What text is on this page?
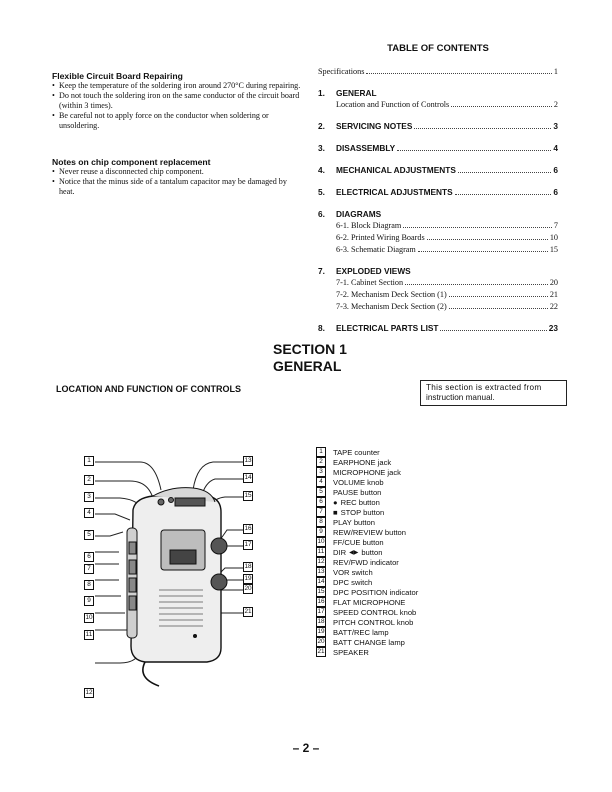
Flexible Circuit Board Repairing

• Keep the temperature of the soldering iron around 270°C during repairing.
• Do not touch the soldering iron on the same conductor of the circuit board (within 3 times).
• Be careful not to apply force on the conductor when soldering or unsoldering.

Notes on chip component replacement

• Never reuse a disconnected chip component.
• Notice that the minus side of a tantalum capacitor may be damaged by heat.
TABLE OF CONTENTS
Specifications	1
1. GENERAL
Location and Function of Controls	2
2.	SERVICING NOTES	3
3.	DISASSEMBLY	4
4.	MECHANICAL ADJUSTMENTS	6
5.	ELECTRICAL ADJUSTMENTS	6
6. DIAGRAMS
6-1. Block Diagram	7
6-2. Printed Wiring Boards	10
6-3. Schematic Diagram	15
7. EXPLODED VIEWS
7-1. Cabinet Section	20
7-2. Mechanism Deck Section (1)	21
7-3. Mechanism Deck Section (2)	22
8.	ELECTRICAL PARTS LIST	23
SECTION 1
GENERAL
LOCATION AND FUNCTION OF CONTROLS	This section is extracted from
instruction manual.
1
2
3
4
5
6
7
8
9
10
11
12
13
14
15
16
17
18
19
20
21
1	TAPE counter
2	EARPHONE jack
3	MICROPHONE jack
4	VOLUME knob
5	PAUSE button
6	● REC button
7	■ STOP button
8	PLAY button
9	REW/REVIEW button
10 FF/CUE button
11 DIR ◀▶ button
12 REV/FWD indicator
13 VOR switch
14 DPC switch
15 DPC POSITION indicator
16 FLAT MICROPHONE
17 SPEED CONTROL knob
18 PITCH CONTROL knob
19 BATT/REC lamp
20 BATT CHANGE lamp
21 SPEAKER
– 2 –
